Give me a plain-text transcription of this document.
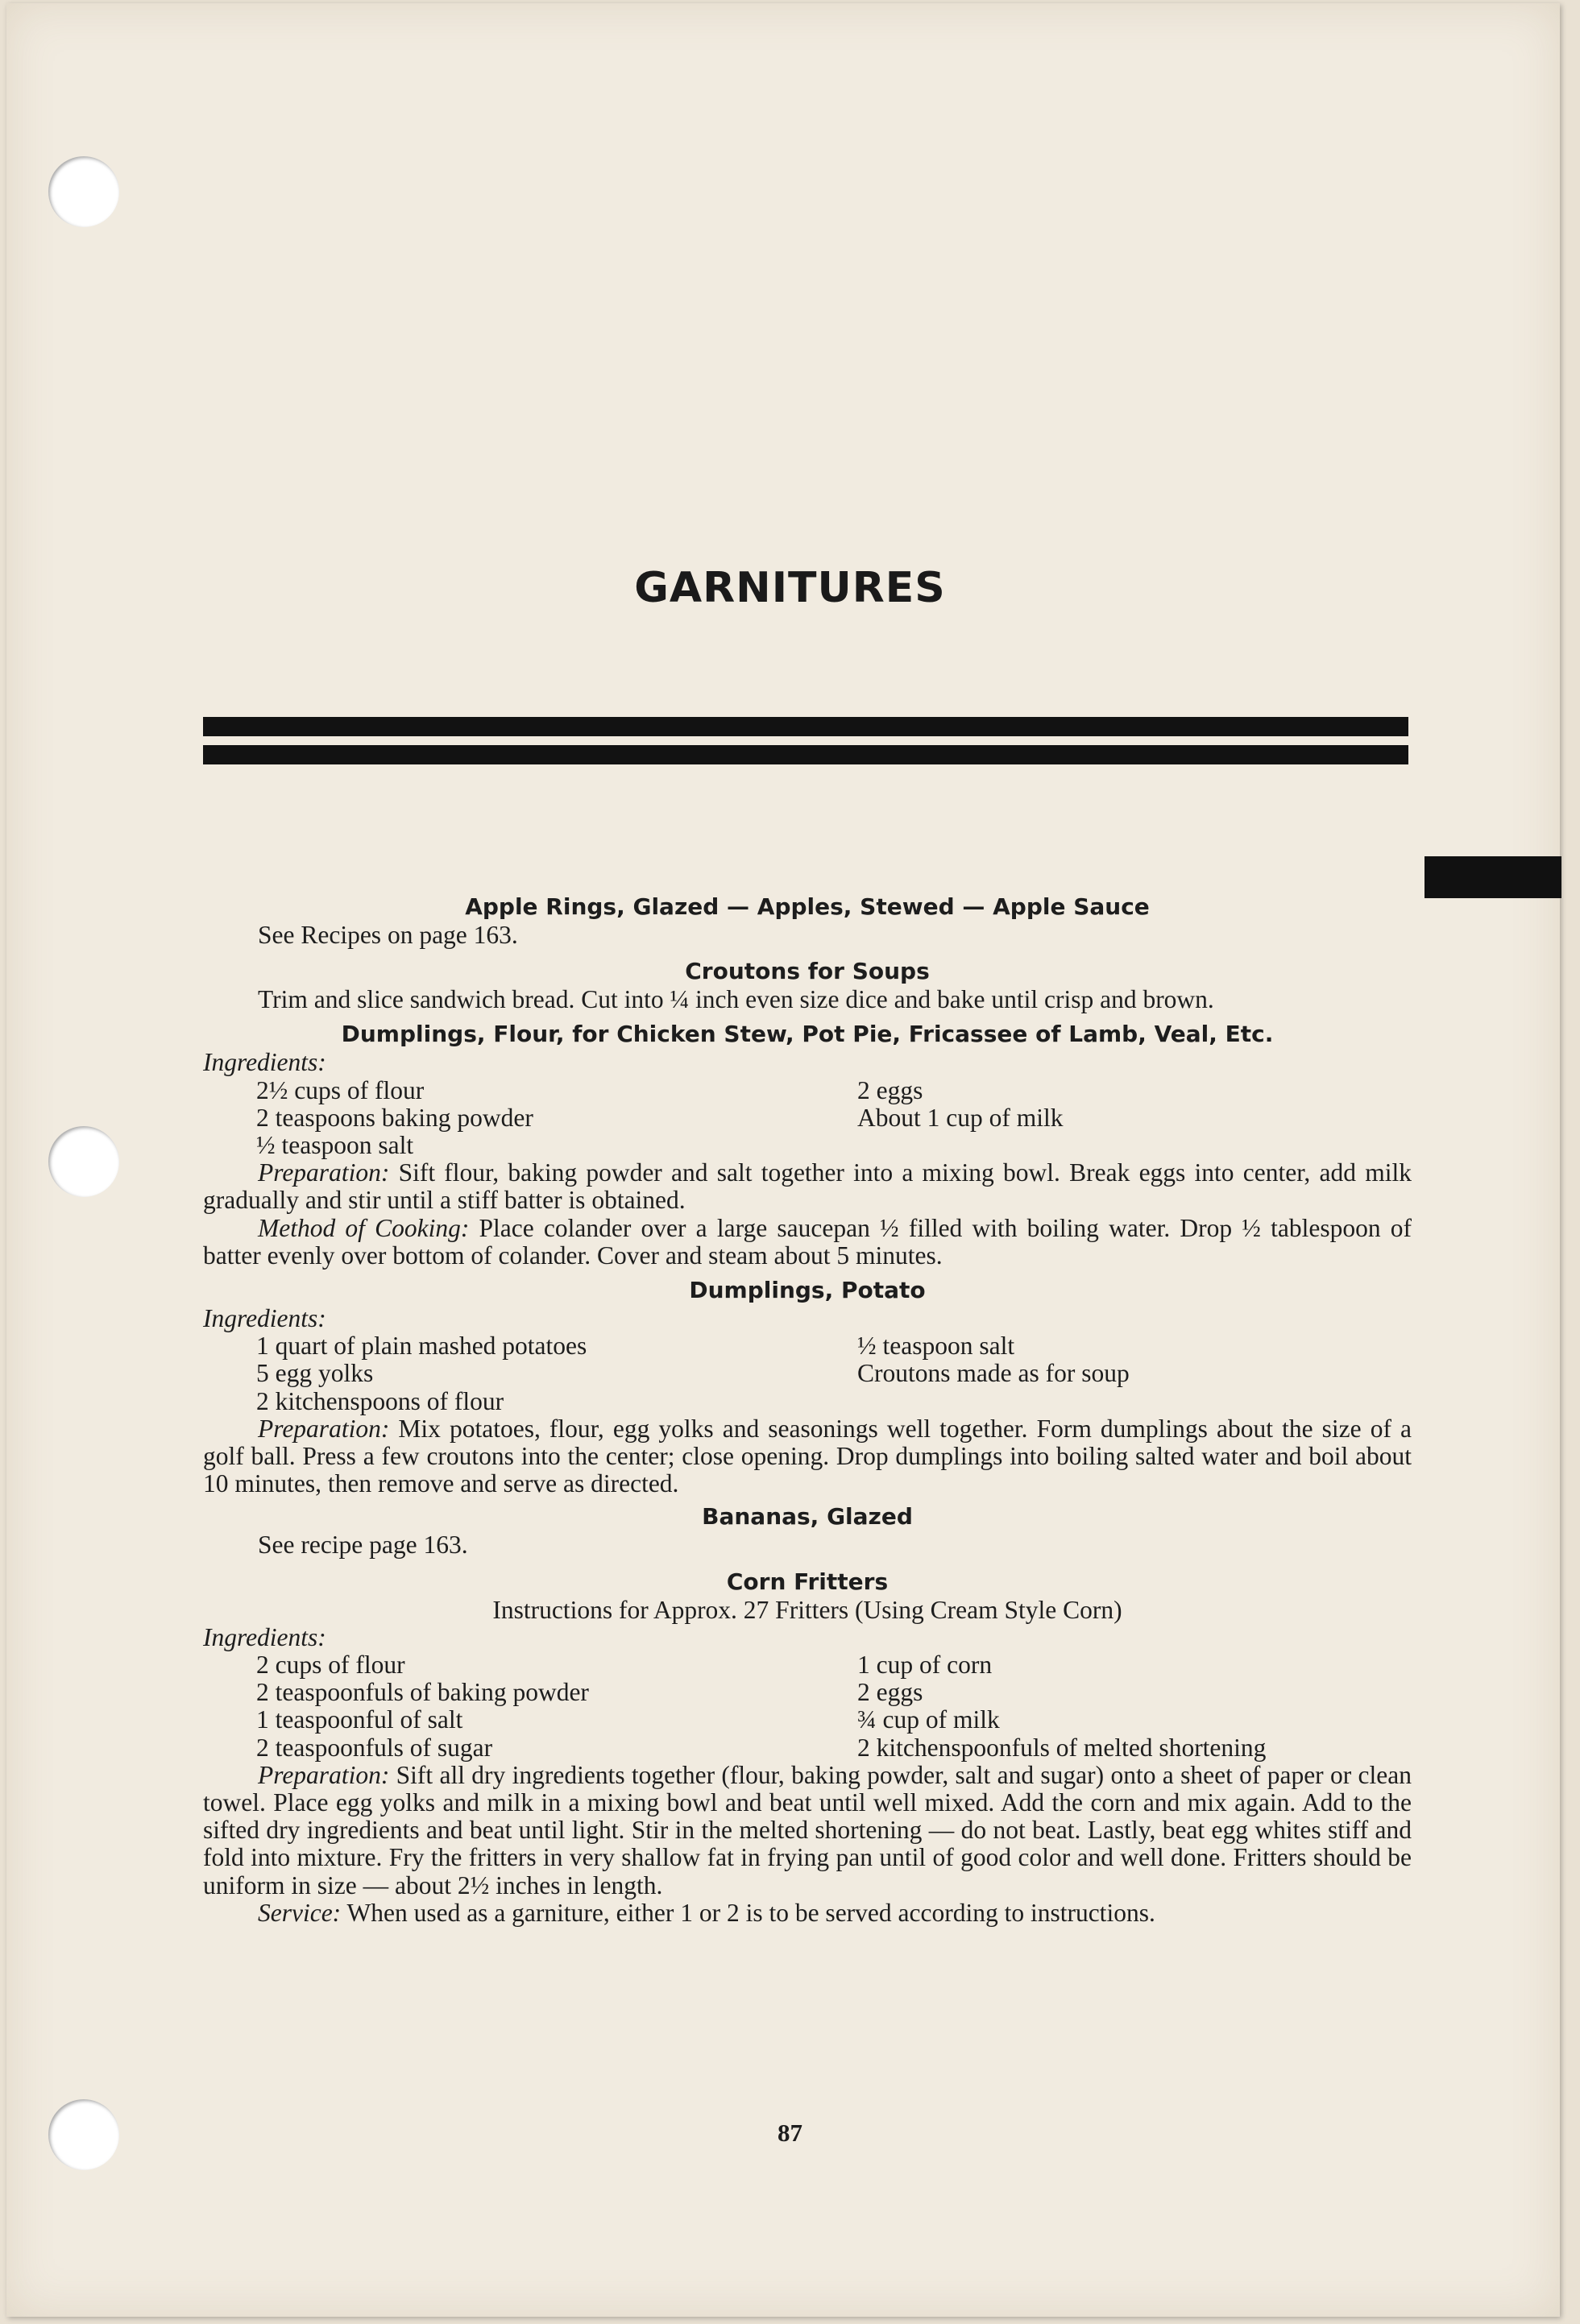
GARNITURES
Apple Rings, Glazed — Apples, Stewed — Apple Sauce

See Recipes on page 163.

Croutons for Soups

Trim and slice sandwich bread. Cut into ¼ inch even size dice and bake until crisp and brown.

Dumplings, Flour, for Chicken Stew, Pot Pie, Fricassee of Lamb, Veal, Etc.
Ingredients:
2½ cups of flour	2 eggs
2 teaspoons baking powder	About 1 cup of milk
½ teaspoon salt

Preparation: Sift flour, baking powder and salt together into a mixing bowl. Break eggs into center, add milk gradually and stir until a stiff batter is obtained.

Method of Cooking: Place colander over a large saucepan ½ filled with boiling water. Drop ½ tablespoon of batter evenly over bottom of colander. Cover and steam about 5 minutes.

Dumplings, Potato
Ingredients:
1 quart of plain mashed potatoes	½ teaspoon salt
5 egg yolks	Croutons made as for soup
2 kitchenspoons of flour

Preparation: Mix potatoes, flour, egg yolks and seasonings well together. Form dumplings about the size of a golf ball. Press a few croutons into the center; close opening. Drop dumplings into boiling salted water and boil about 10 minutes, then remove and serve as directed.

Bananas, Glazed

See recipe page 163.

Corn Fritters
Instructions for Approx. 27 Fritters (Using Cream Style Corn)
Ingredients:
2 cups of flour	1 cup of corn
2 teaspoonfuls of baking powder	2 eggs
1 teaspoonful of salt	¾ cup of milk
2 teaspoonfuls of sugar	2 kitchenspoonfuls of melted shortening

Preparation: Sift all dry ingredients together (flour, baking powder, salt and sugar) onto a sheet of paper or clean towel. Place egg yolks and milk in a mixing bowl and beat until well mixed. Add the corn and mix again. Add to the sifted dry ingredients and beat until light. Stir in the melted shortening — do not beat. Lastly, beat egg whites stiff and fold into mixture. Fry the fritters in very shallow fat in frying pan until of good color and well done. Fritters should be uniform in size — about 2½ inches in length.

Service: When used as a garniture, either 1 or 2 is to be served according to instructions.

87
